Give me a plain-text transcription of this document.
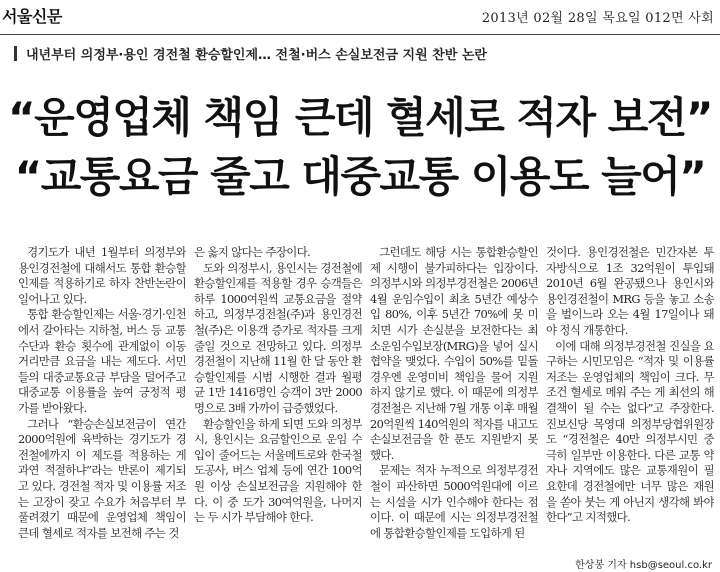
서울신문	2013년 02월 28일 목요일 012면 사회
내년부터 의정부·용인 경전철 환승할인제… 전철·버스 손실보전금 지원 찬반 논란
“운영업체 책임 큰데 혈세로 적자 보전”
“교통요금 줄고 대중교통 이용도 늘어”

경기도가 내년 1월부터 의정부와 용인경전철에 대해서도 통합 환승할인제를 적용하기로 하자 찬반논란이 일어나고 있다.

통합 환승할인제는 서울·경기·인천에서 갈아타는 지하철, 버스 등 교통수단과 환승 횟수에 관계없이 이동거리만큼 요금을 내는 제도다. 서민들의 대중교통요금 부담을 덜어주고 대중교통 이용률을 높여 긍정적 평가를 받아왔다.

그러나 “환승손실보전금이 연간 2000억원에 육박하는 경기도가 경전철에까지 이 제도를 적용하는 게 과연 적절하냐”라는 반론이 제기되고 있다. 경전철 적자 및 이용률 저조는 고장이 잦고 수요가 처음부터 부풀려졌기 때문에 운영업체 책임이 큰데 혈세로 적자를 보전해 주는 것

은 옳지 않다는 주장이다.

도와 의정부시, 용인시는 경전철에 환승할인제를 적용할 경우 승객들은 하루 1000여원씩 교통요금을 절약하고, 의정부경전철(주)과 용인경전철(주)은 이용객 증가로 적자를 크게 줄일 것으로 전망하고 있다. 의정부경전철이 지난해 11월 한 달 동안 환승할인제를 시범 시행한 결과 월평균 1만 1416명인 승객이 3만 2000명으로 3배 가까이 급증했었다.

환승할인을 하게 되면 도와 의정부시, 용인시는 요금할인으로 운임 수입이 줄어드는 서울메트로와 한국철도공사, 버스 업체 등에 연간 100억원 이상 손실보전금을 지원해야 한다. 이 중 도가 30여억원을, 나머지는 두 시가 부담해야 한다.

그런데도 해당 시는 통합환승할인제 시행이 불가피하다는 입장이다. 의정부시와 의정부경전철은 2006년 4월 운임수입이 최초 5년간 예상수입 80%, 이후 5년간 70%에 못 미치면 시가 손실분을 보전한다는 최소운임수입보장(MRG)을 넣어 실시협약을 맺었다. 수입이 50%를 밑돌 경우엔 운영미비 책임을 물어 지원하지 않기로 했다. 이 때문에 의정부경전철은 지난해 7월 개통 이후 매월 20억원씩 140억원의 적자를 내고도 손실보전금을 한 푼도 지원받지 못했다.

문제는 적자 누적으로 의정부경전철이 파산하면 5000억원대에 이르는 시설을 시가 인수해야 한다는 점이다. 이 때문에 시는 의정부경전철에 통합환승할인제를 도입하게 된

것이다. 용인경전철은 민간자본 투자방식으로 1조 32억원이 투입돼 2010년 6월 완공됐으나 용인시와 용인경전철이 MRG 등을 놓고 소송을 벌이느라 오는 4월 17일이나 돼야 정식 개통한다.

이에 대해 의정부경전철 진실을 요구하는 시민모임은 “적자 및 이용률 저조는 운영업체의 책임이 크다. 무조건 혈세로 메워 주는 게 최선의 해결책이 될 수는 없다”고 주장한다. 진보신당 목영대 의정부당협위원장도 “경전철은 40만 의정부시민 중 극히 일부만 이용한다. 다른 교통 약자나 지역에도 많은 교통재원이 필요한데 경전철에만 너무 많은 재원을 쏟아 붓는 게 아닌지 생각해 봐야 한다”고 지적했다.

한상봉 기자 hsb@seoul.co.kr
